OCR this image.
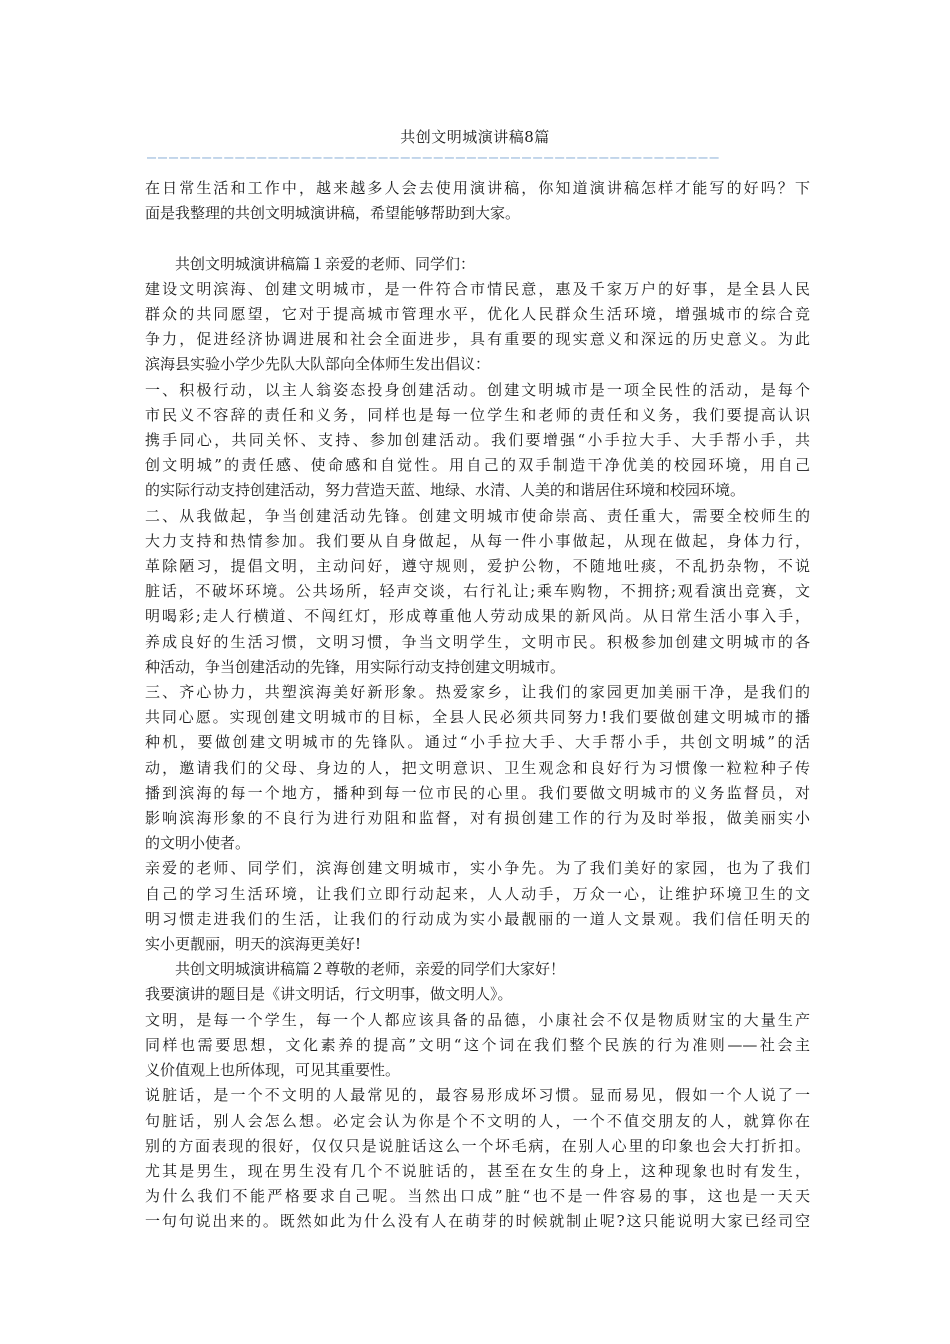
共创文明城演讲稿8篇
————————————————————————————————————————————————————
在日常生活和工作中，越来越多人会去使用演讲稿，你知道演讲稿怎样才能写的好吗？下
面是我整理的共创文明城演讲稿，希望能够帮助到大家。
共创文明城演讲稿篇１亲爱的老师、同学们：
建设文明滨海、创建文明城市，是一件符合市情民意，惠及千家万户的好事，是全县人民
群众的共同愿望，它对于提高城市管理水平，优化人民群众生活环境，增强城市的综合竞
争力，促进经济协调进展和社会全面进步，具有重要的现实意义和深远的历史意义。为此
滨海县实验小学少先队大队部向全体师生发出倡议：
一、积极行动，以主人翁姿态投身创建活动。创建文明城市是一项全民性的活动，是每个
市民义不容辞的责任和义务，同样也是每一位学生和老师的责任和义务，我们要提高认识
携手同心，共同关怀、支持、参加创建活动。我们要增强“小手拉大手、大手帮小手，共
创文明城”的责任感、使命感和自觉性。用自己的双手制造干净优美的校园环境，用自己
的实际行动支持创建活动，努力营造天蓝、地绿、水清、人美的和谐居住环境和校园环境。
二、从我做起，争当创建活动先锋。创建文明城市使命崇高、责任重大，需要全校师生的
大力支持和热情参加。我们要从自身做起，从每一件小事做起，从现在做起，身体力行，
革除陋习，提倡文明，主动问好，遵守规则，爱护公物，不随地吐痰，不乱扔杂物，不说
脏话，不破坏环境。公共场所，轻声交谈，右行礼让;乘车购物，不拥挤;观看演出竞赛，文
明喝彩;走人行横道、不闯红灯，形成尊重他人劳动成果的新风尚。从日常生活小事入手，
养成良好的生活习惯，文明习惯，争当文明学生，文明市民。积极参加创建文明城市的各
种活动，争当创建活动的先锋，用实际行动支持创建文明城市。
三、齐心协力，共塑滨海美好新形象。热爱家乡，让我们的家园更加美丽干净，是我们的
共同心愿。实现创建文明城市的目标，全县人民必须共同努力!我们要做创建文明城市的播
种机，要做创建文明城市的先锋队。通过“小手拉大手、大手帮小手，共创文明城”的活
动，邀请我们的父母、身边的人，把文明意识、卫生观念和良好行为习惯像一粒粒种子传
播到滨海的每一个地方，播种到每一位市民的心里。我们要做文明城市的义务监督员，对
影响滨海形象的不良行为进行劝阻和监督，对有损创建工作的行为及时举报，做美丽实小
的文明小使者。
亲爱的老师、同学们，滨海创建文明城市，实小争先。为了我们美好的家园，也为了我们
自己的学习生活环境，让我们立即行动起来，人人动手，万众一心，让维护环境卫生的文
明习惯走进我们的生活，让我们的行动成为实小最靓丽的一道人文景观。我们信任明天的
实小更靓丽，明天的滨海更美好!
共创文明城演讲稿篇２尊敬的老师，亲爱的同学们大家好！
我要演讲的题目是《讲文明话，行文明事，做文明人》。
文明，是每一个学生，每一个人都应该具备的品德，小康社会不仅是物质财宝的大量生产
同样也需要思想，文化素养的提高”文明“这个词在我们整个民族的行为准则——社会主
义价值观上也所体现，可见其重要性。
说脏话，是一个不文明的人最常见的，最容易形成坏习惯。显而易见，假如一个人说了一
句脏话，别人会怎么想。必定会认为你是个不文明的人，一个不值交朋友的人，就算你在
别的方面表现的很好，仅仅只是说脏话这么一个坏毛病，在别人心里的印象也会大打折扣。
尤其是男生，现在男生没有几个不说脏话的，甚至在女生的身上，这种现象也时有发生，
为什么我们不能严格要求自己呢。当然出口成”脏“也不是一件容易的事，这也是一天天
一句句说出来的。既然如此为什么没有人在萌芽的时候就制止呢?这只能说明大家已经司空
